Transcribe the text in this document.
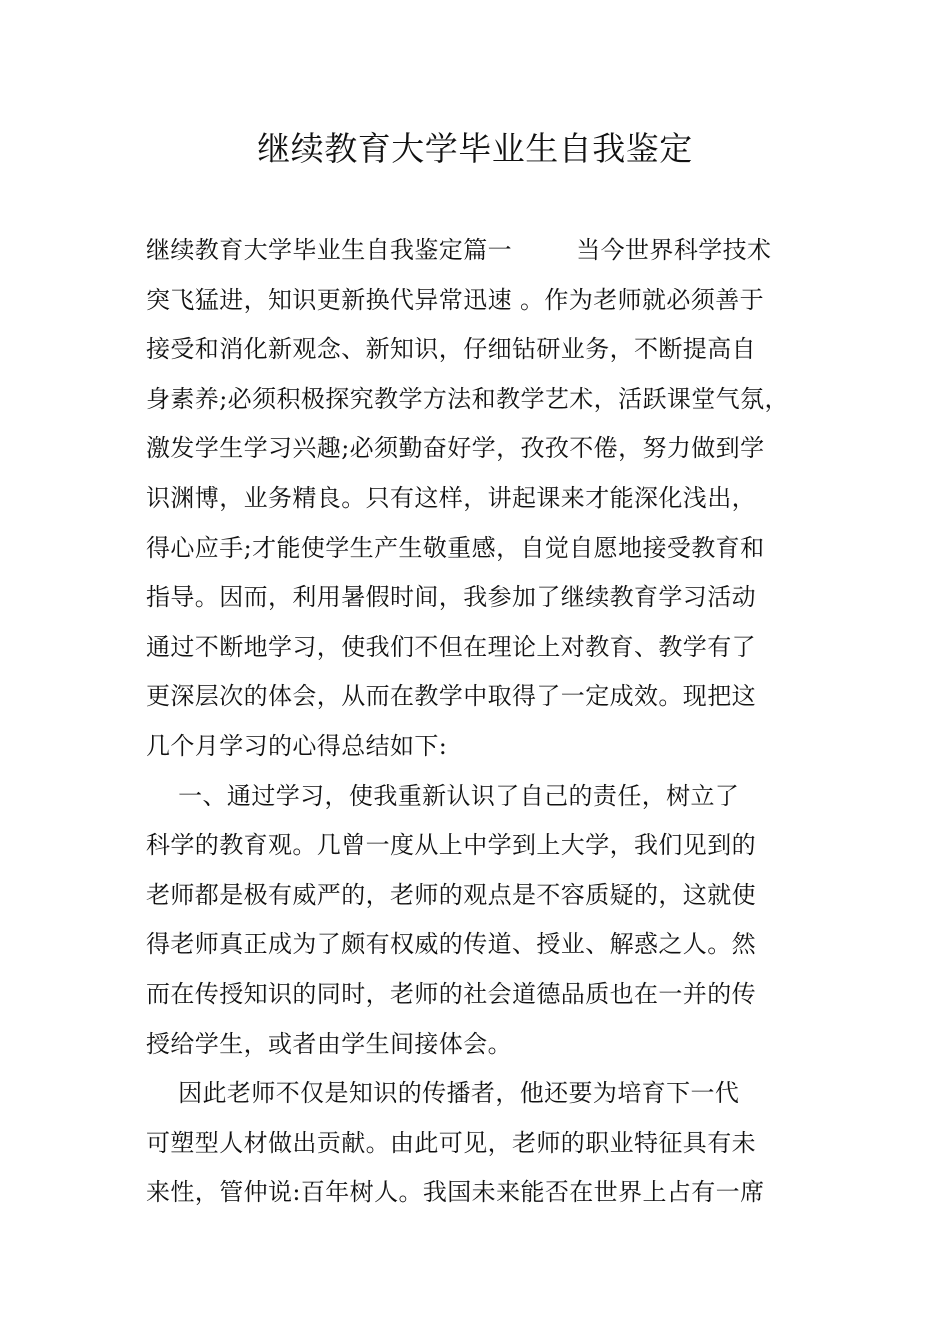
继续教育大学毕业生自我鉴定
继续教育大学毕业生自我鉴定篇一        当今世界科学技术
突飞猛进，知识更新换代异常迅速 。作为老师就必须善于
接受和消化新观念、新知识，仔细钻研业务，不断提高自
身素养;必须积极探究教学方法和教学艺术，活跃课堂气氛，
激发学生学习兴趣;必须勤奋好学，孜孜不倦，努力做到学
识渊博，业务精良。只有这样，讲起课来才能深化浅出，
得心应手;才能使学生产生敬重感，自觉自愿地接受教育和
指导。因而，利用暑假时间，我参加了继续教育学习活动
通过不断地学习，使我们不但在理论上对教育、教学有了
更深层次的体会，从而在教学中取得了一定成效。现把这
几个月学习的心得总结如下:
一、通过学习，使我重新认识了自己的责任，树立了
科学的教育观。几曾一度从上中学到上大学，我们见到的
老师都是极有威严的，老师的观点是不容质疑的，这就使
得老师真正成为了颇有权威的传道、授业、解惑之人。然
而在传授知识的同时，老师的社会道德品质也在一并的传
授给学生，或者由学生间接体会。
因此老师不仅是知识的传播者，他还要为培育下一代
可塑型人材做出贡献。由此可见，老师的职业特征具有未
来性，管仲说:百年树人。我国未来能否在世界上占有一席
